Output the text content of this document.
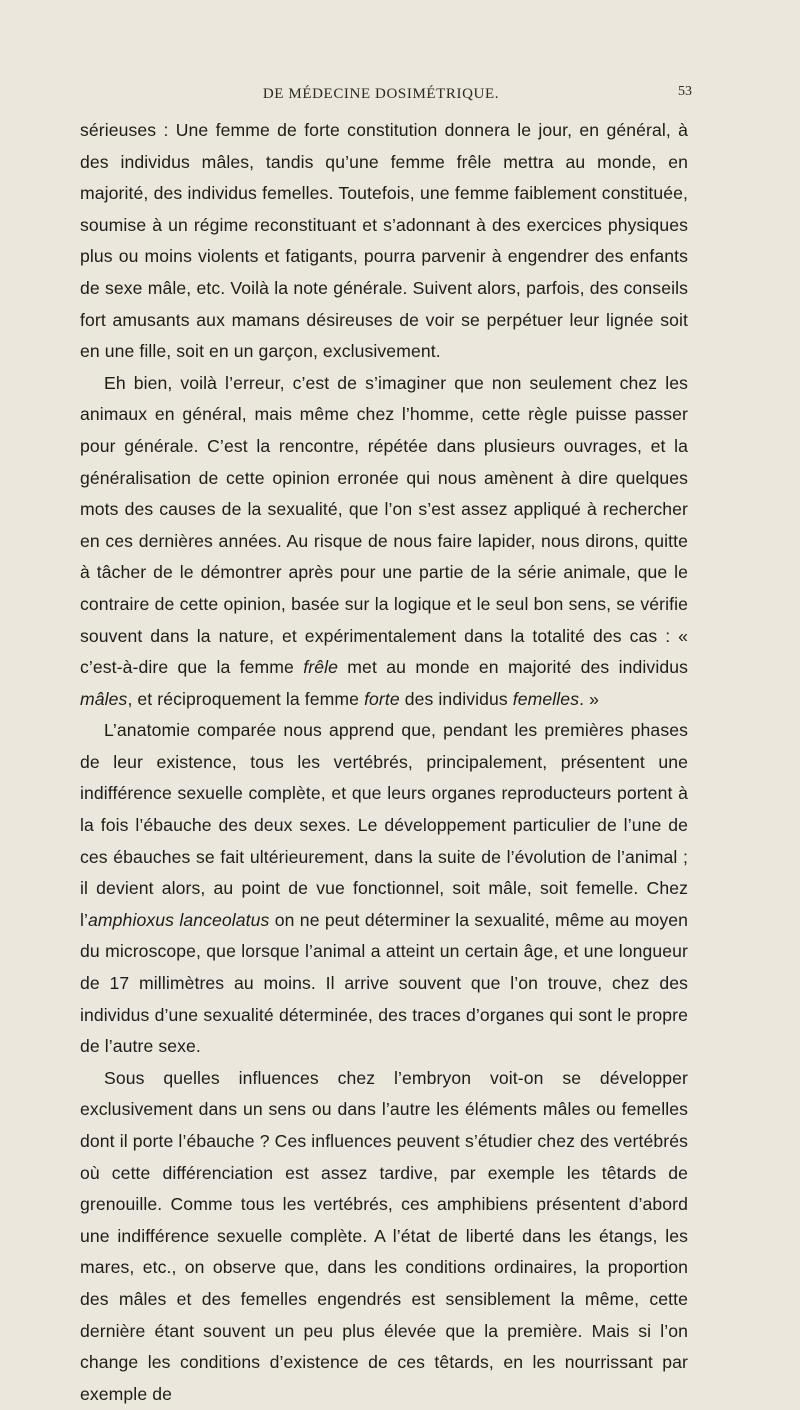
DE MÉDECINE DOSIMÉTRIQUE.	53

sérieuses : Une femme de forte constitution donnera le jour, en général, à des individus mâles, tandis qu’une femme frêle mettra au monde, en majorité, des individus femelles. Toutefois, une femme faiblement constituée, soumise à un régime reconstituant et s’adonnant à des exercices physiques plus ou moins violents et fatigants, pourra parvenir à engendrer des enfants de sexe mâle, etc. Voilà la note générale. Suivent alors, parfois, des conseils fort amusants aux mamans désireuses de voir se perpétuer leur lignée soit en une fille, soit en un garçon, exclusivement.

Eh bien, voilà l’erreur, c’est de s’imaginer que non seulement chez les animaux en général, mais même chez l’homme, cette règle puisse passer pour générale. C’est la rencontre, répétée dans plusieurs ouvrages, et la généralisation de cette opinion erronée qui nous amènent à dire quelques mots des causes de la sexualité, que l’on s’est assez appliqué à rechercher en ces dernières années. Au risque de nous faire lapider, nous dirons, quitte à tâcher de le démontrer après pour une partie de la série animale, que le contraire de cette opinion, basée sur la logique et le seul bon sens, se vérifie souvent dans la nature, et expérimentalement dans la totalité des cas : « c’est-à-dire que la femme frêle met au monde en majorité des individus mâles, et réciproquement la femme forte des individus femelles. »

L’anatomie comparée nous apprend que, pendant les premières phases de leur existence, tous les vertébrés, principalement, présentent une indifférence sexuelle complète, et que leurs organes reproducteurs portent à la fois l’ébauche des deux sexes. Le développement particulier de l’une de ces ébauches se fait ultérieurement, dans la suite de l’évolution de l’animal ; il devient alors, au point de vue fonctionnel, soit mâle, soit femelle. Chez l’amphioxus lanceolatus on ne peut déterminer la sexualité, même au moyen du microscope, que lorsque l’animal a atteint un certain âge, et une longueur de 17 millimètres au moins. Il arrive souvent que l’on trouve, chez des individus d’une sexualité déterminée, des traces d’organes qui sont le propre de l’autre sexe.

Sous quelles influences chez l’embryon voit-on se développer exclusivement dans un sens ou dans l’autre les éléments mâles ou femelles dont il porte l’ébauche ? Ces influences peuvent s’étudier chez des vertébrés où cette différenciation est assez tardive, par exemple les têtards de grenouille. Comme tous les vertébrés, ces amphibiens présentent d’abord une indifférence sexuelle complète. A l’état de liberté dans les étangs, les mares, etc., on observe que, dans les conditions ordinaires, la proportion des mâles et des femelles engendrés est sensiblement la même, cette dernière étant souvent un peu plus élevée que la première. Mais si l’on change les conditions d’existence de ces têtards, en les nourrissant par exemple de
